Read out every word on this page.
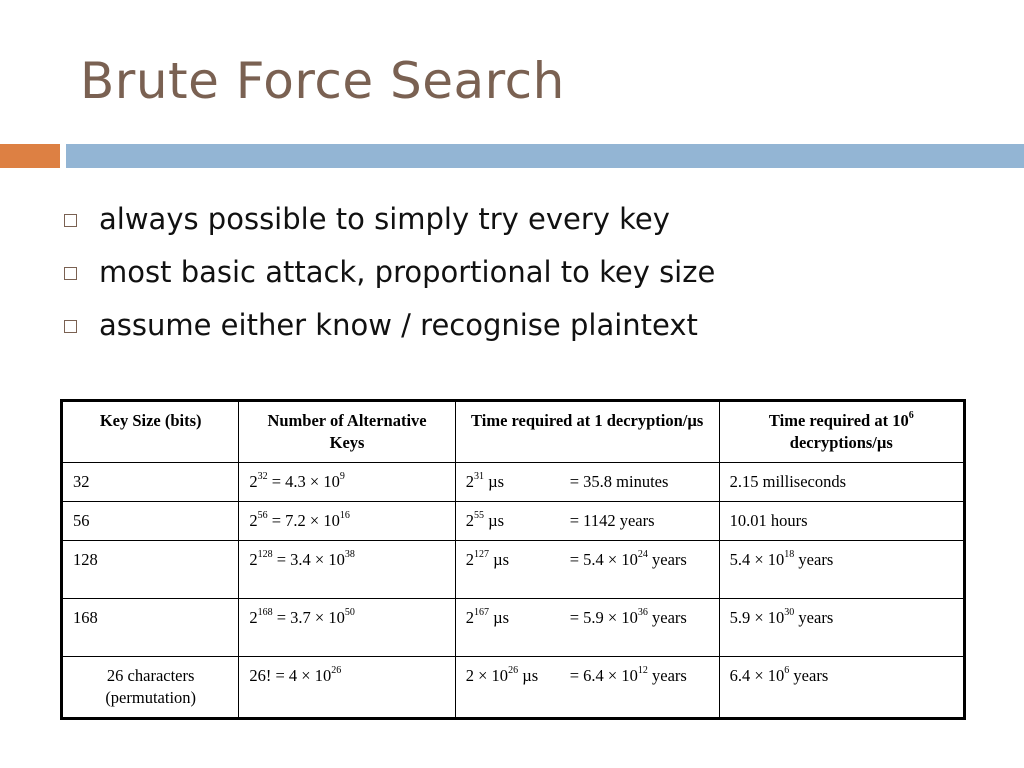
Brute Force Search
always possible to simply try every key
most basic attack, proportional to key size
assume either know / recognise plaintext
Key Size (bits)	Number of Alternative Keys	Time required at 1 decryption/µs	Time required at $10^6$
decryptions/µs
32	$2^{32} = 4.3 \times 10^9$	$2^{31}$ µs = 35.8 minutes	2.15 milliseconds
56	$2^{56} = 7.2 \times 10^{16}$	$2^{55}$ µs = 1142 years	10.01 hours
128	$2^{128} = 3.4 \times 10^{38}$	$2^{127}$ $\mu s = 5.4 \times 10^{24}$ years	$5.4 \times 10^{18}$ years
168	$2^{168} = 3.7 \times 10^{50}$	$2^{167}$ $\mu s = 5.9 \times 10^{36}$ years	$5.9 \times 10^{30}$ years
26 characters (permutation)	26! = $4 \times 10^{26}$	$2 \times 10^{26}$ $\mu s = 6.4 \times 10^{12}$ years	$6.4 \times 10^6$ years
